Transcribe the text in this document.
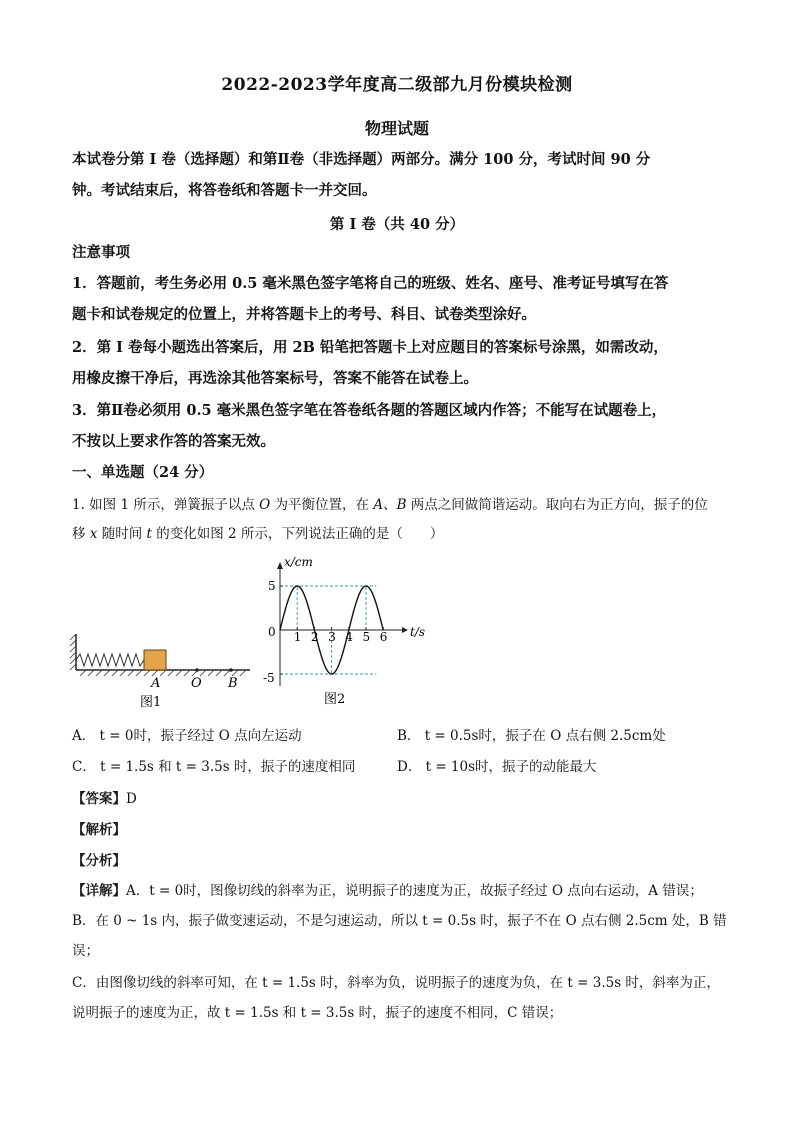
2022-2023学年度高二级部九月份模块检测
物理试题
本试卷分第 I 卷（选择题）和第Ⅱ卷（非选择题）两部分。满分 100 分，考试时间 90 分
钟。考试结束后，将答卷纸和答题卡一并交回。
第 I 卷（共 40 分）
注意事项
1．答题前，考生务必用 0.5 毫米黑色签字笔将自己的班级、姓名、座号、准考证号填写在答
题卡和试卷规定的位置上，并将答题卡上的考号、科目、试卷类型涂好。
2．第 I 卷每小题选出答案后，用 2B 铅笔把答题卡上对应题目的答案标号涂黑，如需改动，
用橡皮擦干净后，再选涂其他答案标号，答案不能答在试卷上。
3．第Ⅱ卷必须用 0.5 毫米黑色签字笔在答卷纸各题的答题区域内作答；不能写在试题卷上，
不按以上要求作答的答案无效。
一、单选题（24 分）
1. 如图 1 所示，弹簧振子以点 O 为平衡位置，在 A、B 两点之间做简谐运动。取向右为正方向，振子的位
移 x 随时间 t 的变化如图 2 所示，下列说法正确的是（　　）
A O B
图1
x/cm
t/s
5
-5
0 1 2 3 4 5 6
图2
A． t = 0时，振子经过 O 点向左运动	B． t = 0.5s时，振子在 O 点右侧 2.5cm处
C． t = 1.5s 和 t = 3.5s 时，振子的速度相同	D． t = 10s时，振子的动能最大
【答案】D
【解析】
【分析】
【详解】A．t = 0时，图像切线的斜率为正，说明振子的速度为正，故振子经过 O 点向右运动，A 错误；
B．在 0 ~ 1s 内，振子做变速运动，不是匀速运动，所以 t = 0.5s 时，振子不在 O 点右侧 2.5cm 处，B 错
误；
C．由图像切线的斜率可知，在 t = 1.5s 时，斜率为负，说明振子的速度为负，在 t = 3.5s 时，斜率为正，
说明振子的速度为正，故 t = 1.5s 和 t = 3.5s 时，振子的速度不相同，C 错误；
